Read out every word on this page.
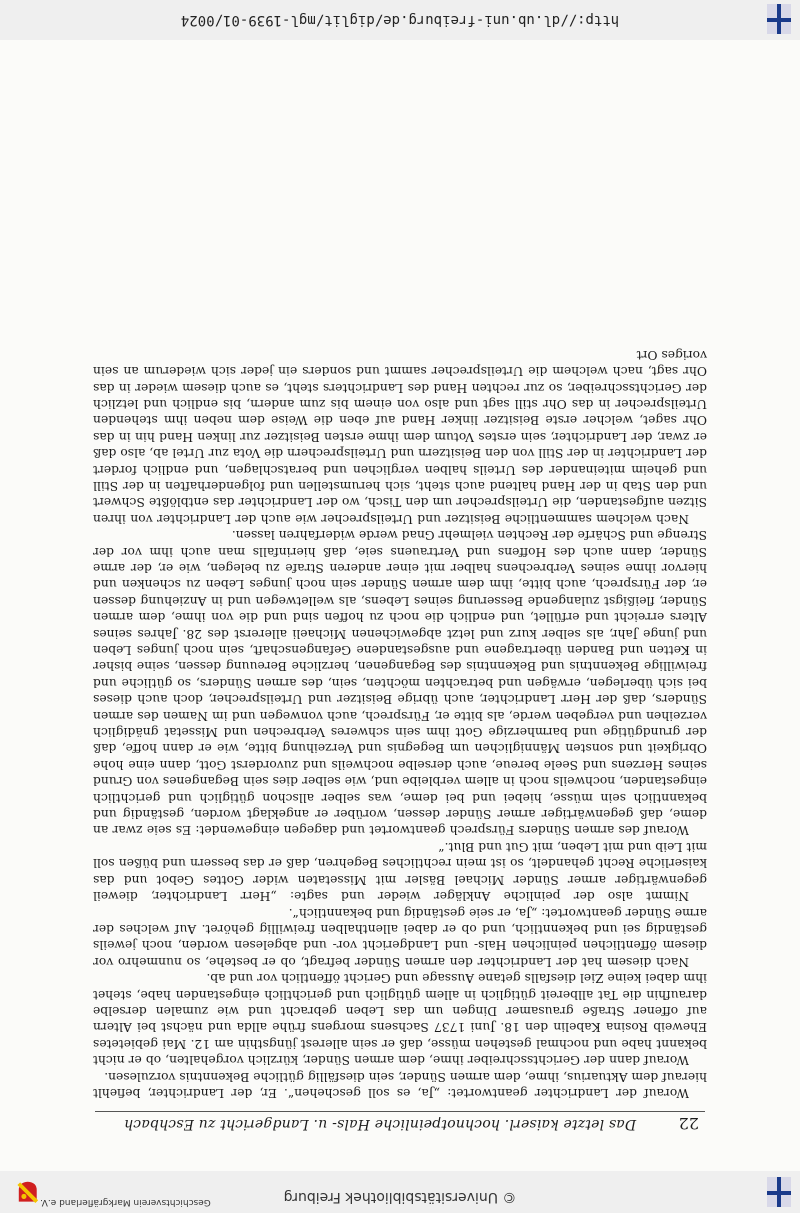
© Universitätsbibliothek Freiburg
Geschichtsverein Markgräflerland e.V.
22
Das letzte kaiserl. hochnotpeinliche Hals- u. Landgericht zu Eschbach

Worauf der Landrichter geantwortet: „Ja, es soll geschehen“. Er, der Landrichter, befiehlt hierauf dem Aktuarius, ihme, dem armen Sünder, sein diesfällig gütliche Bekenntnis vorzulesen.

Worauf dann der Gerichtsschreiber ihme, dem armen Sünder, kürzlich vorgehalten, ob er nicht bekannt habe und nochmal gestehen müsse, daß er sein allerest jüngsthin am 12. Mai gebietetes Eheweib Rosina Kabelin den 18. Juni 1737 Sachsens morgens frühe allda und nächst bei Altern auf offener Straße grausamer Dingen um das Leben gebracht und wie zumalen derselbe daraufhin die Tat allbereit gütiglich in allem gütiglich und gerichtlich eingestanden habe, stehet ihm dabei keine Ziel diesfalls getane Aussage und Gericht öffentlich vor und ab.

Nach diesem hat der Landrichter den armen Sünder befragt, ob er bestehe, so nunmehro vor diesem öffentlichen peinlichen Hals- und Landgericht vor- und abgelesen worden, noch jeweils geständig sei und bekenntlich, und ob er dabei allenthalben freiwillig gehöret. Auf welches der arme Sünder geantwortet: „Ja, er seie geständig und bekanntlich“.

Nimmt also der peinliche Ankläger wieder und sagte: „Herr Landrichter, dieweil gegenwärtiger armer Sünder Michael Bäsler mit Missetaten wider Gottes Gebot und das kaiserliche Recht gehandelt, so ist mein rechtliches Begehren, daß er das bessern und büßen soll mit Leib und mit Leben, mit Gut und Blut.“

Worauf des armen Sünders Fürsprech geantwortet und dagegen eingewendet: Es seie zwar an deme, daß gegenwärtiger armer Sünder dessen, worüber er angeklagt worden, geständig und bekanntlich sein müsse, hiebei und bei deme, was selber allschon gütiglich und gerichtlich eingestanden, nochweils noch in allem verbleibe und, wie selber dies sein Begangenes von Grund seines Herzens und Seele bereue, auch derselbe nochweils und zuvorderst Gott, dann eine hohe Obrigkeit und sonsten Männiglichen um Begegnis und Verzeihung bitte, wie er dann hoffe, daß der grundgütige und barmherzige Gott ihm sein schweres Verbrechen und Missetat gnädiglich verzeihen und vergeben werde, als bitte er, Fürsprech, auch vonwegen und im Namen des armen Sünders, daß der Herr Landrichter, auch übrige Beisitzer und Urteilsprecher, doch auch dieses bei sich überlegen, erwägen und betrachten möchten, sein, des armen Sünders, so gütliche und freiwillige Bekenntnis und Bekenntnis des Begangenen, herzliche Bereuung dessen, seine bisher in Ketten und Banden übertragene und ausgestandene Gefangenschaft, sein noch junges Leben und junge Jahr, als selber kurz und letzt abgewichenen Michaeli allererst des 28. Jahres seines Alters erreicht und erfüllet, und endlich die noch zu hoffen sind und die von ihme, dem armen Sünder, fleißigst zulangende Besserung seines Lebens, als welletwegen und in Anziehung dessen er, der Fürsprech, auch bitte, ihm dem armen Sünder sein noch junges Leben zu schenken und hiervor ihme seines Verbrechens halber mit einer anderen Strafe zu belegen, wie er, der arme Sünder, dann auch des Hoffens und Vertrauens seie, daß hierinfalls man auch ihm vor der Strenge und Schärfe der Rechten vielmehr Gnad werde widerfahren lassen.

Nach welchem sammentliche Beisitzer und Urteilsprecher wie auch der Landrichter von ihren Sitzen aufgestanden, die Urteilsprecher um den Tisch, wo der Landrichter das entblößte Schwert und den Stab in der Hand haltend auch steht, sich herumstellen und folgenderhaften in der Still und geheim miteinander des Urteils halben verglichen und beratschlagen, und endlich fordert der Landrichter in der Still von den Beisitzern und Urteilsprechern die Vota zur Urtel ab, also daß er zwar, der Landrichter, sein erstes Votum dem ihme ersten Beisitzer zur linken Hand hin in das Ohr saget, welcher erste Beisitzer linker Hand auf eben die Weise dem neben ihm stehenden Urteilsprecher in das Ohr still sagt und also von einem bis zum andern, bis endlich und letzlich der Gerichtsschreiber, so zur rechten Hand des Landrichters steht, es auch diesem wieder in das Ohr sagt, nach welchem die Urteilsprecher sammt und sonders ein jeder sich wiederum an sein voriges Ort

http://dl.ub.uni-freiburg.de/diglit/mgl-1939-01/0024
